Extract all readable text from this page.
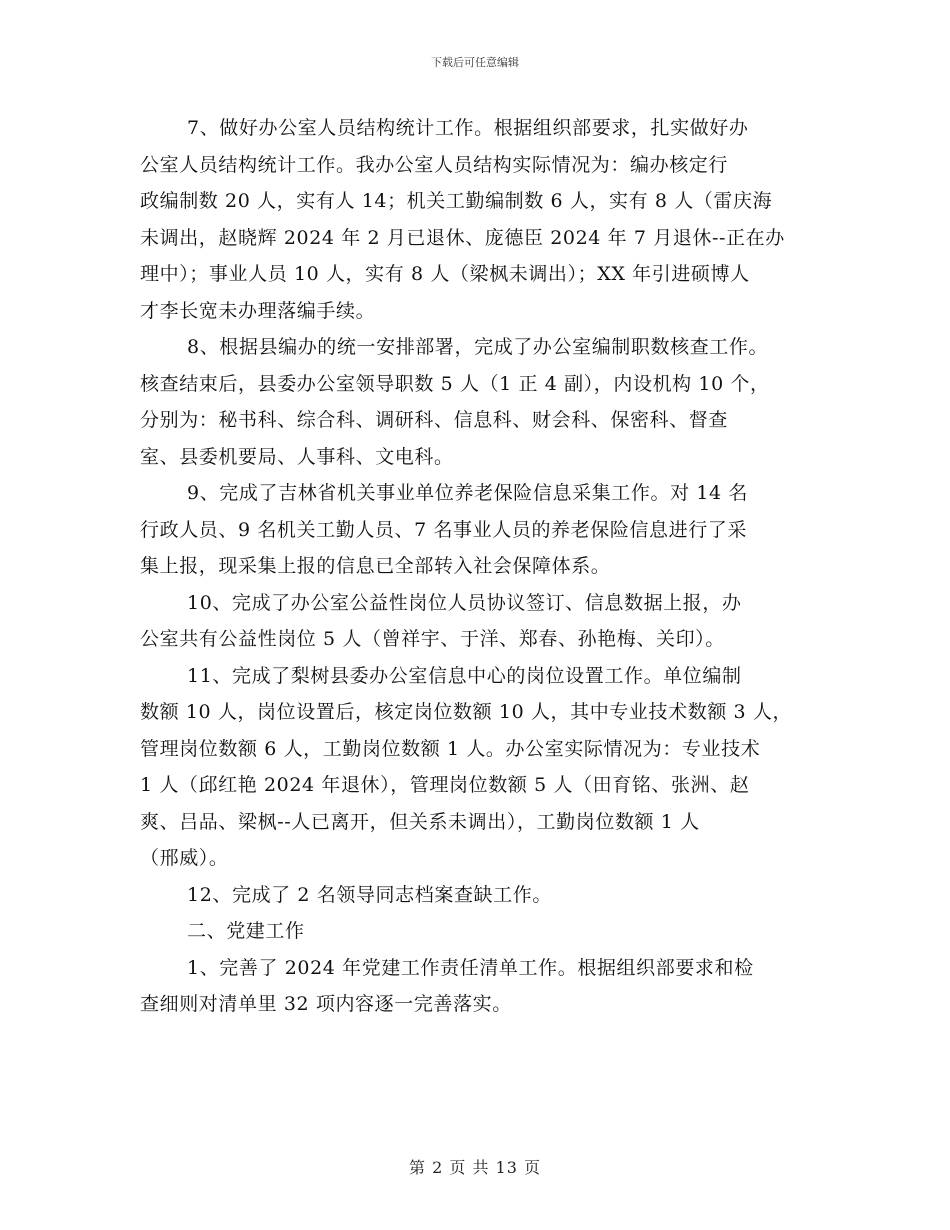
下载后可任意编辑

7、做好办公室人员结构统计工作。根据组织部要求，扎实做好办
公室人员结构统计工作。我办公室人员结构实际情况为：编办核定行
政编制数 20 人，实有人 14；机关工勤编制数 6 人，实有 8 人（雷庆海
未调出，赵晓辉 2024 年 2 月已退休、庞德臣 2024 年 7 月退休--正在办
理中）；事业人员 10 人，实有 8 人（梁枫未调出）；XX 年引进硕博人
才李长宽未办理落编手续。

8、根据县编办的统一安排部署，完成了办公室编制职数核查工作。
核查结束后，县委办公室领导职数 5 人（1 正 4 副），内设机构 10 个，
分别为：秘书科、综合科、调研科、信息科、财会科、保密科、督查
室、县委机要局、人事科、文电科。

9、完成了吉林省机关事业单位养老保险信息采集工作。对 14 名
行政人员、9 名机关工勤人员、7 名事业人员的养老保险信息进行了采
集上报，现采集上报的信息已全部转入社会保障体系。

10、完成了办公室公益性岗位人员协议签订、信息数据上报，办
公室共有公益性岗位 5 人（曾祥宇、于洋、郑春、孙艳梅、关印）。

11、完成了梨树县委办公室信息中心的岗位设置工作。单位编制
数额 10 人，岗位设置后，核定岗位数额 10 人，其中专业技术数额 3 人，
管理岗位数额 6 人，工勤岗位数额 1 人。办公室实际情况为：专业技术
1 人（邱红艳 2024 年退休），管理岗位数额 5 人（田育铭、张洲、赵
爽、吕品、梁枫--人已离开，但关系未调出），工勤岗位数额 1 人
（邢威）。

12、完成了 2 名领导同志档案查缺工作。

二、党建工作

1、完善了 2024 年党建工作责任清单工作。根据组织部要求和检
查细则对清单里 32 项内容逐一完善落实。

第 2 页 共 13 页
